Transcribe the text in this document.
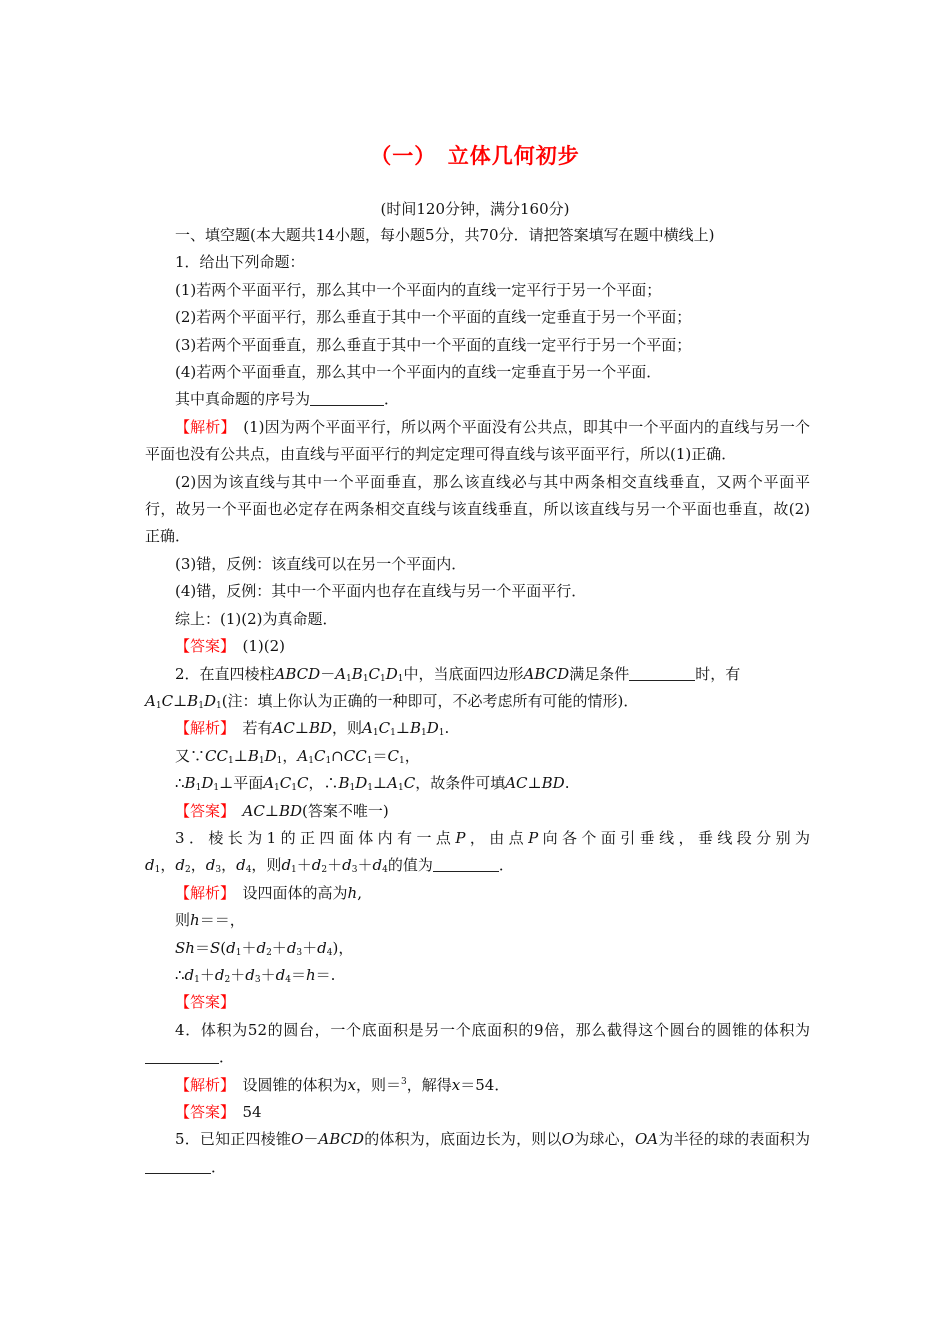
（一）　立体几何初步
(时间120分钟，满分160分)

一、填空题(本大题共14小题，每小题5分，共70分．请把答案填写在题中横线上)

1．给出下列命题：

(1)若两个平面平行，那么其中一个平面内的直线一定平行于另一个平面；

(2)若两个平面平行，那么垂直于其中一个平面的直线一定垂直于另一个平面；

(3)若两个平面垂直，那么垂直于其中一个平面的直线一定平行于另一个平面；

(4)若两个平面垂直，那么其中一个平面内的直线一定垂直于另一个平面．

其中真命题的序号为	．

【解析】　(1)因为两个平面平行，所以两个平面没有公共点，即其中一个平面内的直线与另一个平面也没有公共点，由直线与平面平行的判定定理可得直线与该平面平行，所以(1)正确．

(2)因为该直线与其中一个平面垂直，那么该直线必与其中两条相交直线垂直，又两个平面平行，故另一个平面也必定存在两条相交直线与该直线垂直，所以该直线与另一个平面也垂直，故(2)正确．

(3)错，反例：该直线可以在另一个平面内．

(4)错，反例：其中一个平面内也存在直线与另一个平面平行．

综上：(1)(2)为真命题．

【答案】　(1)(2)

2．在直四棱柱$ABCD-A_1B_1C_1D_1$中，当底面四边形ABCD满足条件	时，有
$A_1C\perp B_1D_1$(注：填上你认为正确的一种即可，不必考虑所有可能的情形)．

【解析】　若有AC⊥BD，则$A_1C_1\perp B_1D_1$.

又$\because CC_1\perp B_1D_1$，$A_1C_1\cap CC_1=C_1$，

$\therefore B_1D_1\perp$平面$A_1C_1C$，$\therefore B_1D_1\perp A_1C$，故条件可填AC⊥BD.

【答案】　 AC⊥BD(答案不唯一)

3．棱长为1的正四面体内有一点P，由点P向各个面引垂线，垂线段分别为

$d_1$，$d_2$，$d_3$，$d_4$，则$d_1+d_2+d_3+d_4$的值为	．

【解析】　设四面体的高为h,

则h＝＝，

$Sh=S(d_1+d_2+d_3+d_4)$，

$\therefore d_1+d_2+d_3+d_4=h=$.

【答案】

4．体积为52的圆台，一个底面积是另一个底面积的9倍，那么截得这个圆台的圆锥的体积为．

【解析】　设圆锥的体积为x，则＝$^3$，解得x＝54．

【答案】　54

5．已知正四棱锥O－ABCD的体积为，底面边长为，则以O为球心，OA为半径的球的表面积为．
